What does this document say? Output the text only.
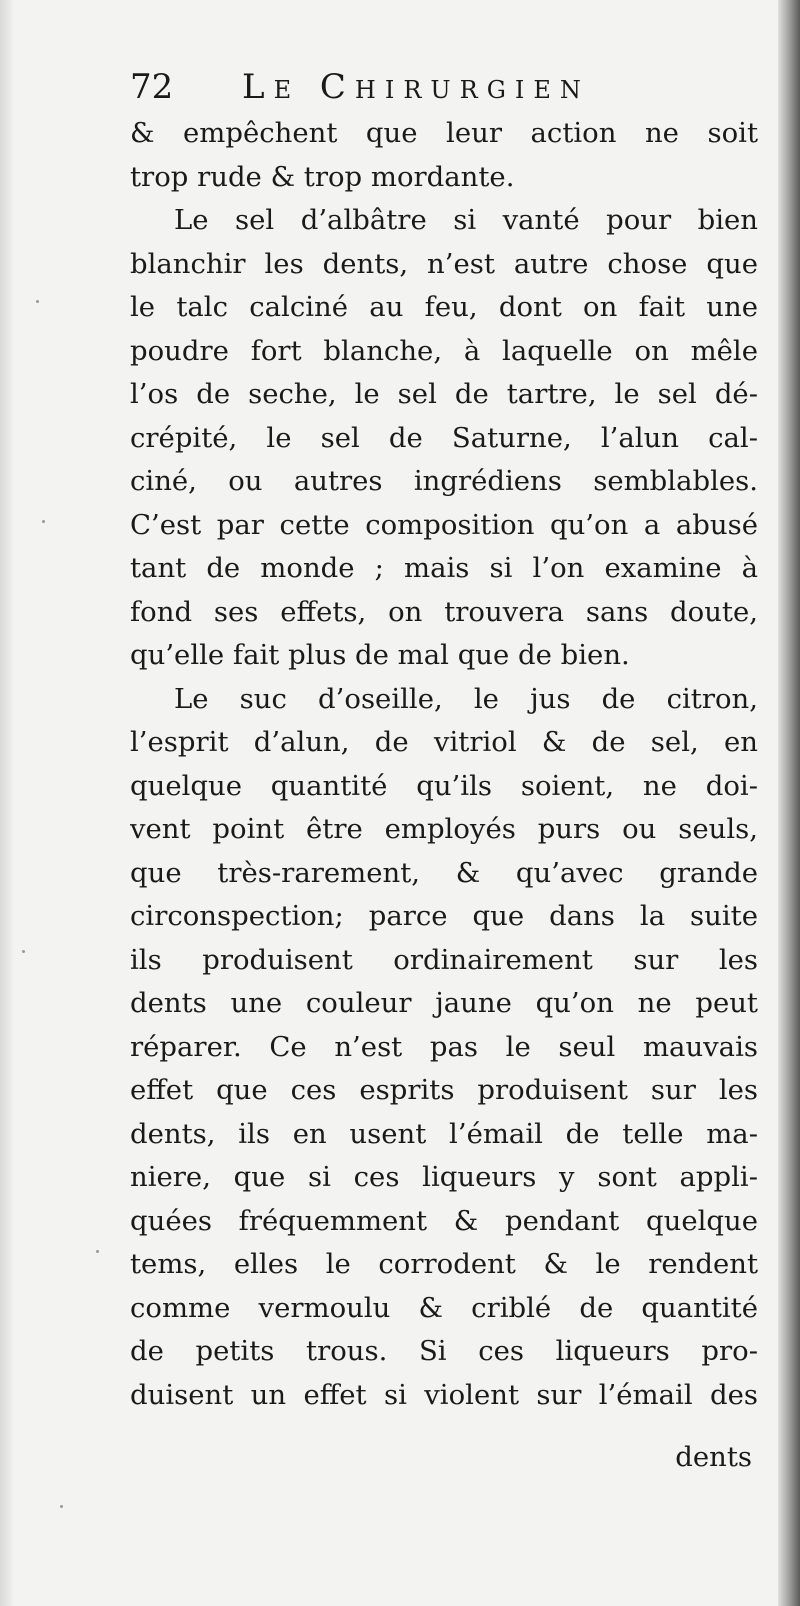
72 Le Chirurgien
& empêchent que leur action ne soit
trop rude & trop mordante.
Le sel d’albâtre si vanté pour bien
blanchir les dents, n’est autre chose que
le talc calciné au feu, dont on fait une
poudre fort blanche, à laquelle on mêle
l’os de seche, le sel de tartre, le sel dé-
crépité, le sel de Saturne, l’alun cal-
ciné, ou autres ingrédiens semblables.
C’est par cette composition qu’on a abusé
tant de monde ; mais si l’on examine à
fond ses effets, on trouvera sans doute,
qu’elle fait plus de mal que de bien.
Le suc d’oseille, le jus de citron,
l’esprit d’alun, de vitriol & de sel, en
quelque quantité qu’ils soient, ne doi-
vent point être employés purs ou seuls,
que très-rarement, & qu’avec grande
circonspection; parce que dans la suite
ils produisent ordinairement sur les
dents une couleur jaune qu’on ne peut
réparer. Ce n’est pas le seul mauvais
effet que ces esprits produisent sur les
dents, ils en usent l’émail de telle ma-
niere, que si ces liqueurs y sont appli-
quées fréquemment & pendant quelque
tems, elles le corrodent & le rendent
comme vermoulu & criblé de quantité
de petits trous. Si ces liqueurs pro-
duisent un effet si violent sur l’émail des
dents
